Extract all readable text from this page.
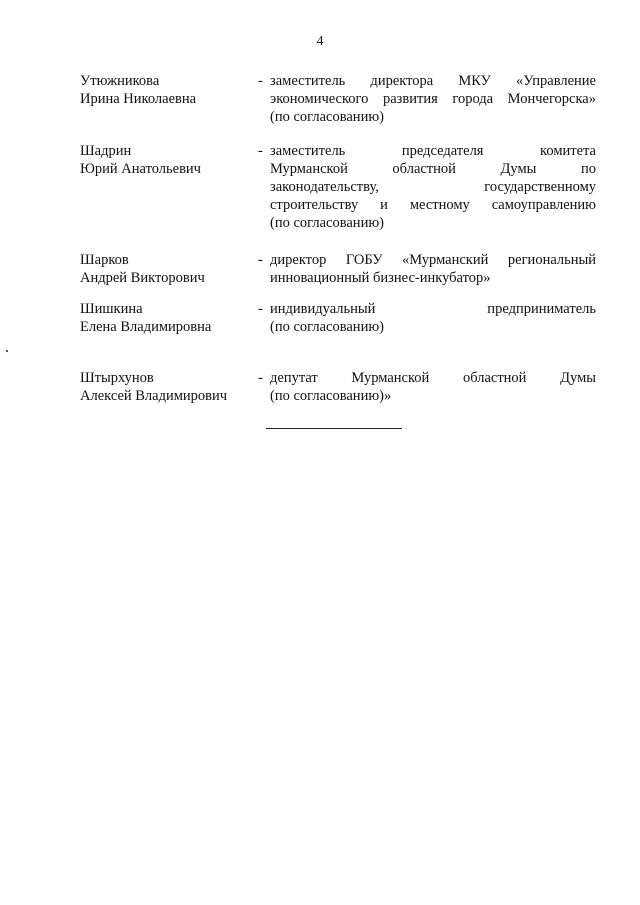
4
Утюжникова
Ирина Николаевна
- заместитель директора МКУ «Управление
экономического развития города Мончегорска»
(по согласованию)
Шадрин
Юрий Анатольевич
- заместитель председателя комитета
Мурманской областной Думы по
законодательству, государственному
строительству и местному самоуправлению
(по согласованию)
Шарков
Андрей Викторович
- директор ГОБУ «Мурманский региональный
инновационный бизнес-инкубатор»
Шишкина
Елена Владимировна
- индивидуальный предприниматель
(по согласованию)
Штырхунов
Алексей Владимирович
- депутат Мурманской областной Думы
(по согласованию)»
